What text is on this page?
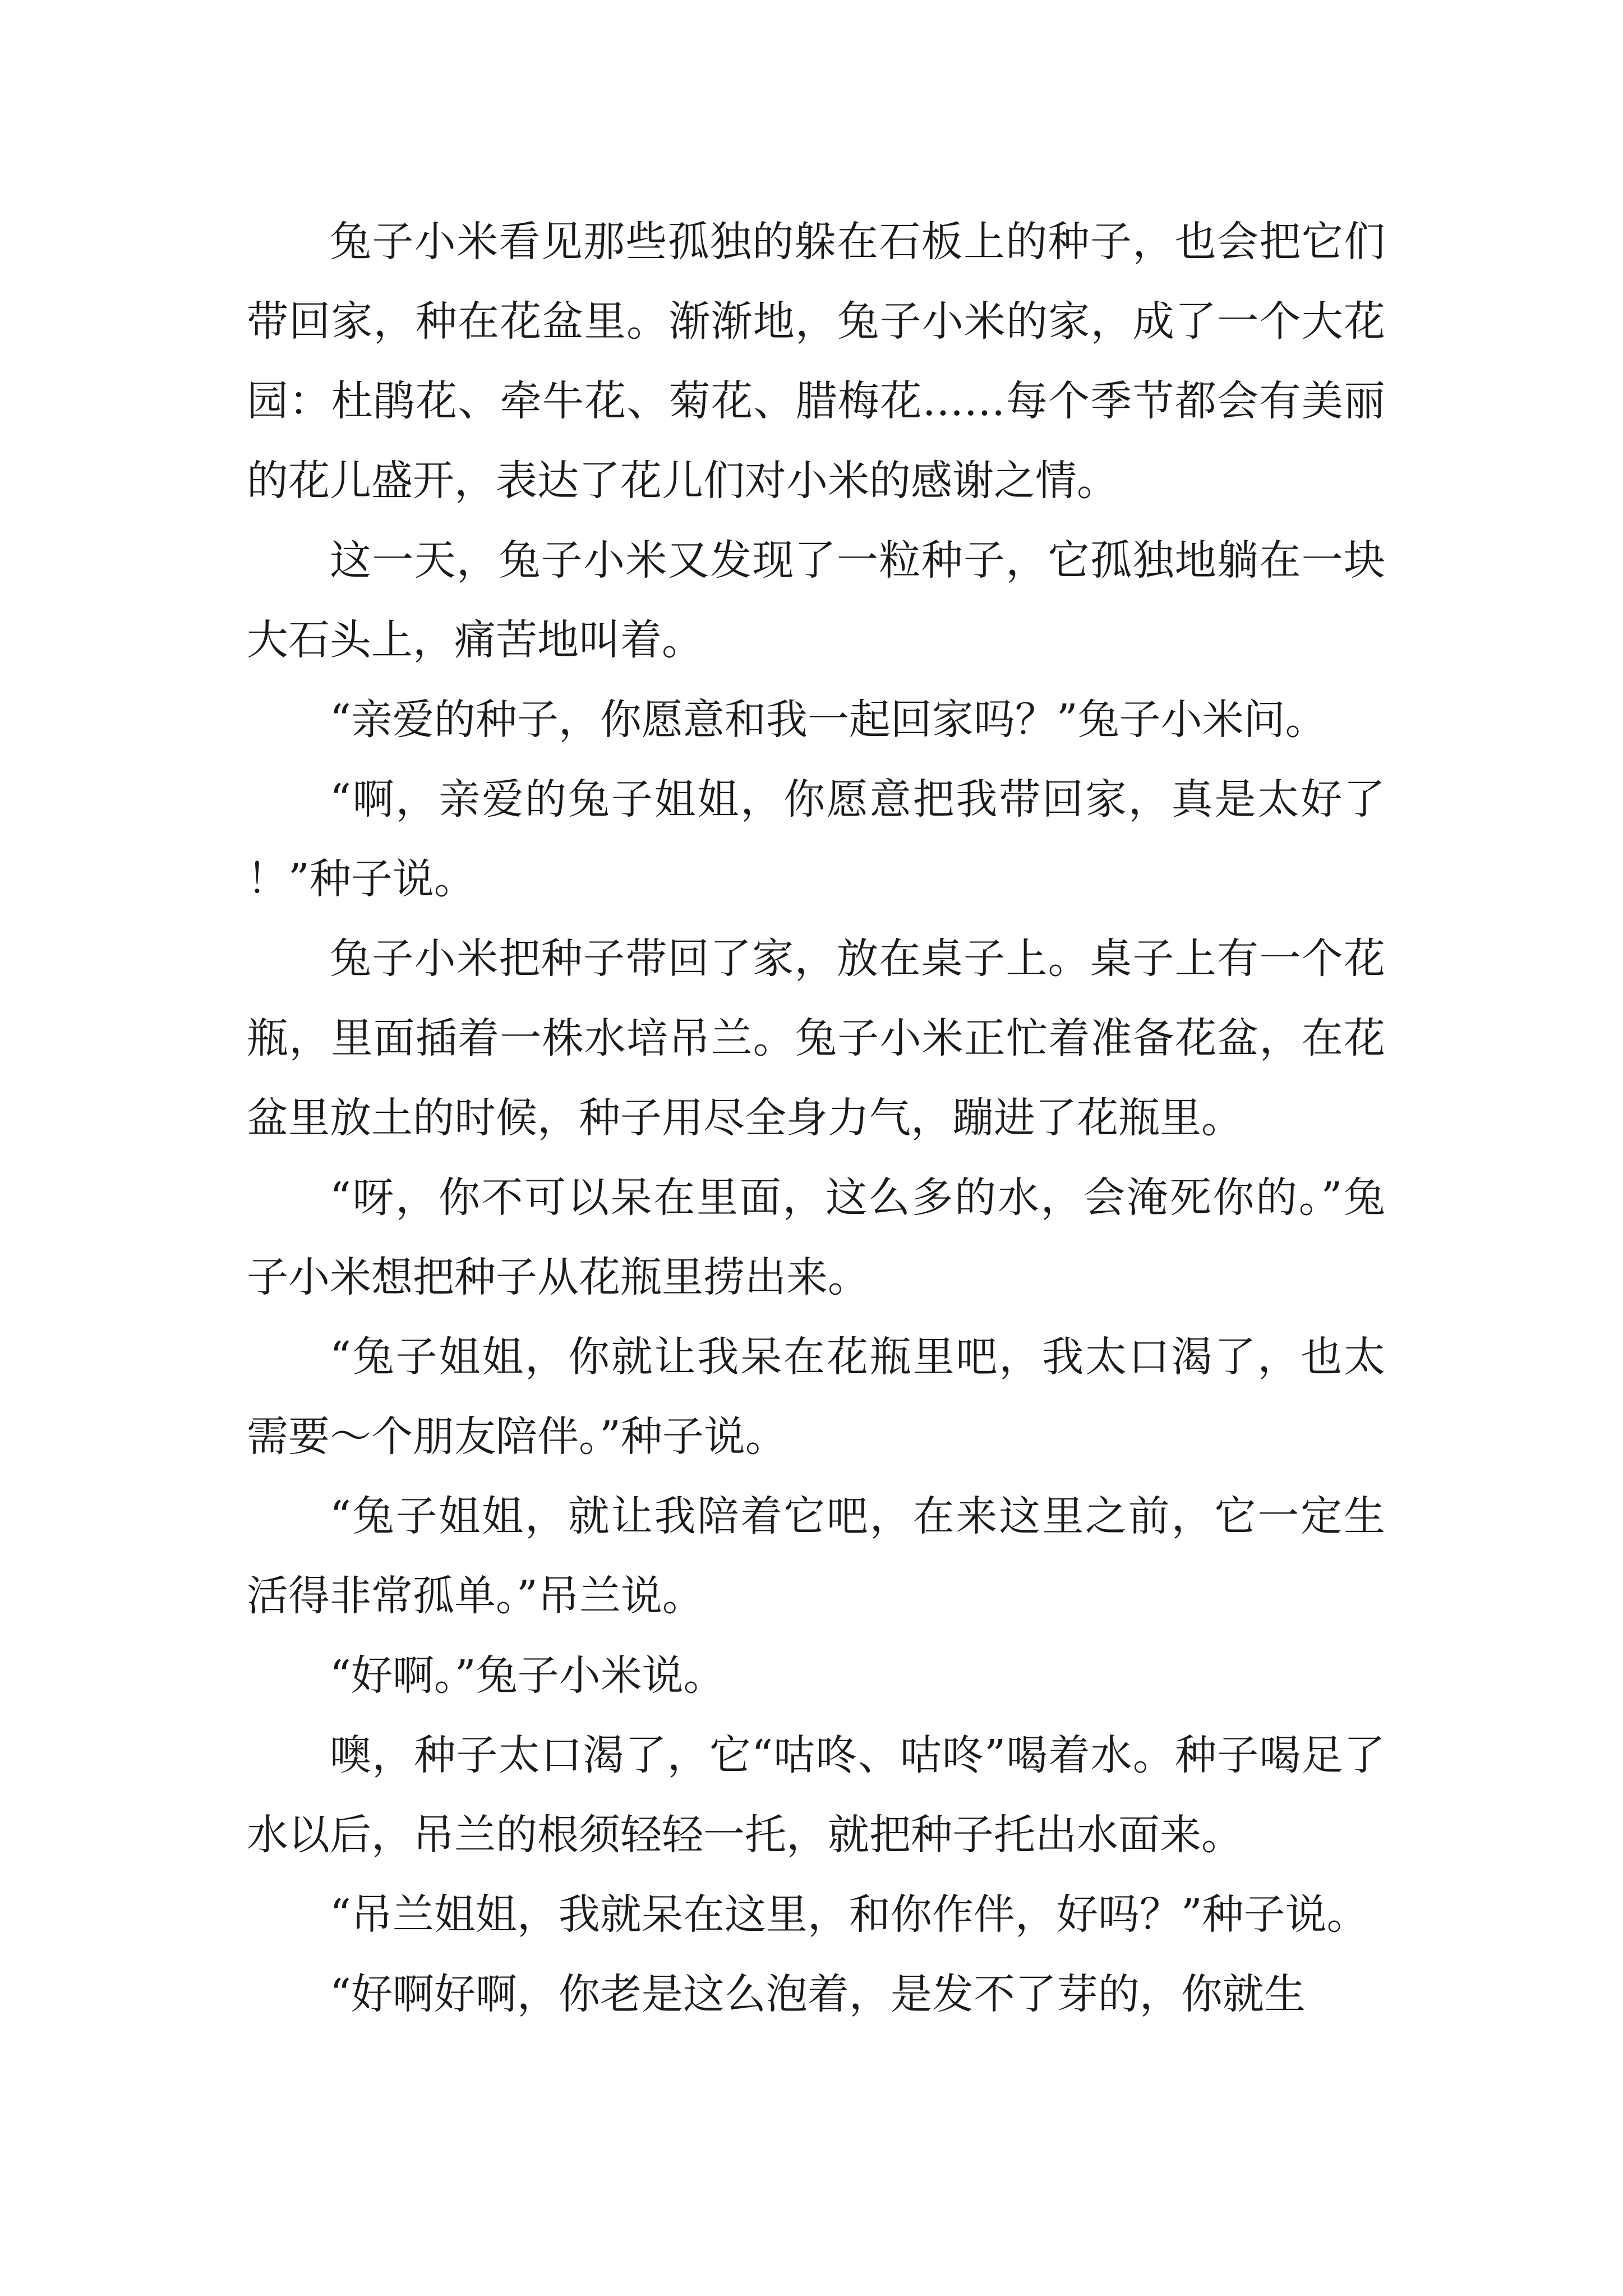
兔子小米看见那些孤独的躲在石板上的种子，也会把它们带回家，种在花盆里。渐渐地，兔子小米的家，成了一个大花园：杜鹃花、牵牛花、菊花、腊梅花……每个季节都会有美丽的花儿盛开，表达了花儿们对小米的感谢之情。

这一天，兔子小米又发现了一粒种子，它孤独地躺在一块大石头上，痛苦地叫着。

“亲爱的种子，你愿意和我一起回家吗？”兔子小米问。

“啊，亲爱的兔子姐姐，你愿意把我带回家，真是太好了！”种子说。

兔子小米把种子带回了家，放在桌子上。桌子上有一个花瓶，里面插着一株水培吊兰。兔子小米正忙着准备花盆，在花盆里放土的时候，种子用尽全身力气，蹦进了花瓶里。

“呀，你不可以呆在里面，这么多的水，会淹死你的。”兔子小米想把种子从花瓶里捞出来。

“兔子姐姐，你就让我呆在花瓶里吧，我太口渴了，也太需要～个朋友陪伴。”种子说。

“兔子姐姐，就让我陪着它吧，在来这里之前，它一定生活得非常孤单。”吊兰说。

“好啊。”兔子小米说。

噢，种子太口渴了，它“咕咚、咕咚”喝着水。种子喝足了水以后，吊兰的根须轻轻一托，就把种子托出水面来。

“吊兰姐姐，我就呆在这里，和你作伴，好吗？”种子说。

“好啊好啊，你老是这么泡着，是发不了芽的，你就生
